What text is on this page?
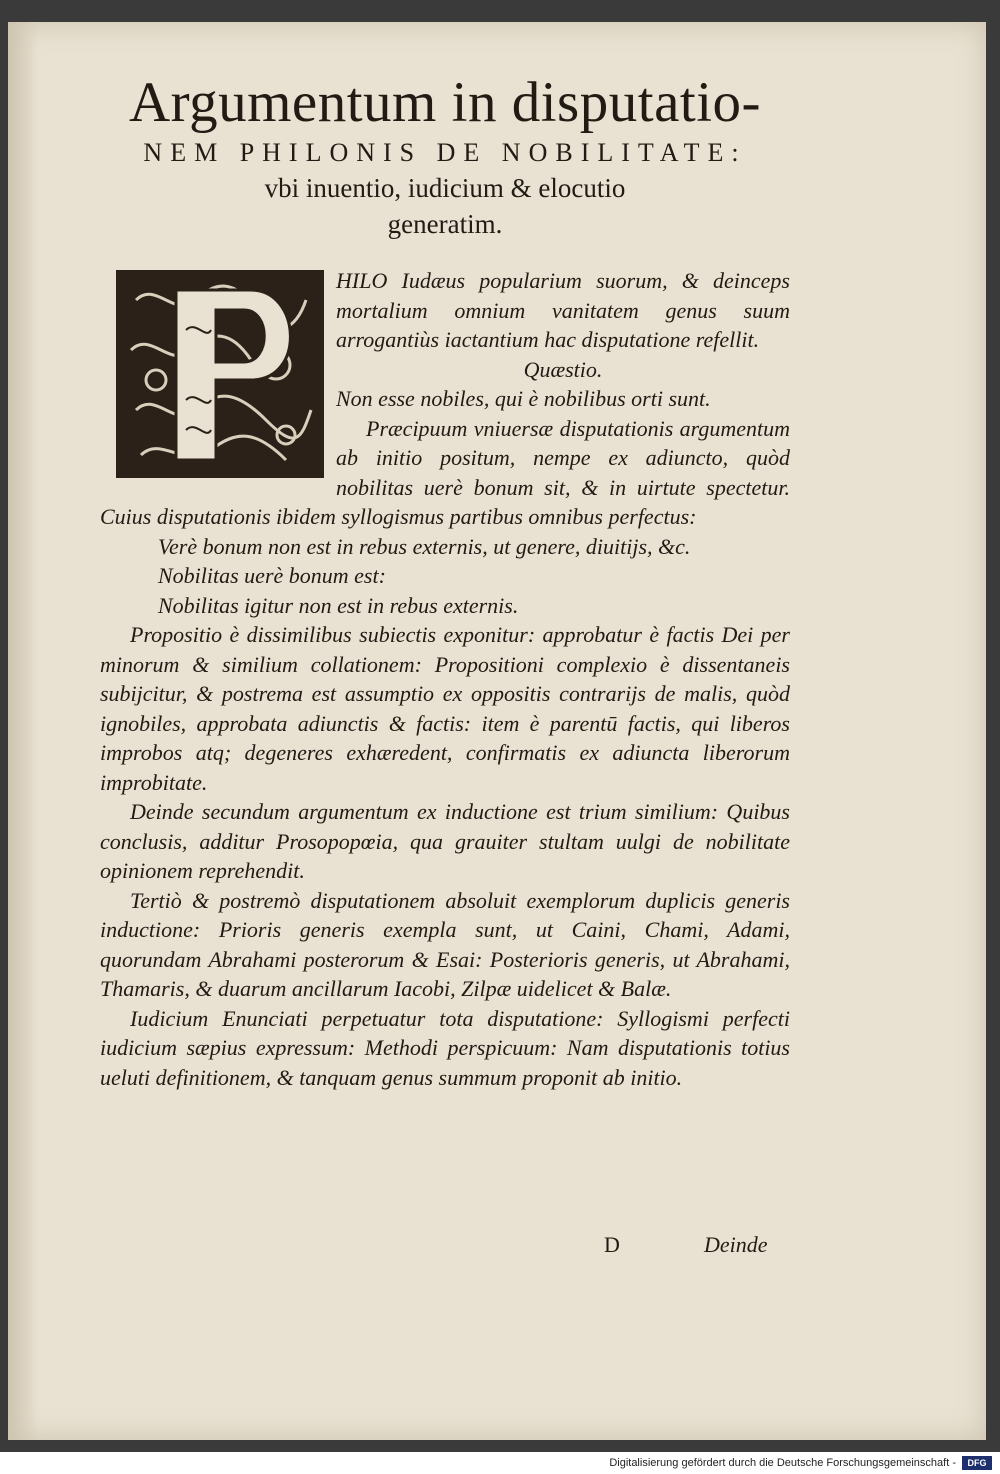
Argumentum in disputatio-
NEM PHILONIS DE NOBILITATE:
vbi inuentio, iudicium & elocutio
generatim.

HILO Iudæus popularium suorum, & deinceps mortalium omnium vanitatem genus suum arrogantiùs iactantium hac disputatione refellit.

Quæstio.

Non esse nobiles, qui è nobilibus orti sunt.

Præcipuum vniuersæ disputationis argumentum ab initio positum, nempe ex adiuncto, quòd nobilitas uerè bonum sit, & in uirtute spectetur. Cuius disputationis ibidem syllogismus partibus omnibus perfectus:

Verè bonum non est in rebus externis, ut genere, diuitijs, &c.
Nobilitas uerè bonum est:
Nobilitas igitur non est in rebus externis.

Propositio è dissimilibus subiectis exponitur: approbatur è factis Dei per minorum & similium collationem: Propositioni complexio è dissentaneis subijcitur, & postrema est assumptio ex oppositis contrarijs de malis, quòd ignobiles, approbata adiunctis & factis: item è parentū factis, qui liberos improbos atq; degeneres exhæredent, confirmatis ex adiuncta liberorum improbitate.

Deinde secundum argumentum ex inductione est trium similium: Quibus conclusis, additur Prosopopœia, qua grauiter stultam uulgi de nobilitate opinionem reprehendit.

Tertiò & postremò disputationem absoluit exemplorum duplicis generis inductione: Prioris generis exempla sunt, ut Caini, Chami, Adami, quorundam Abrahami posterorum & Esai: Posterioris generis, ut Abrahami, Thamaris, & duarum ancillarum Iacobi, Zilpæ uidelicet & Balæ.

Iudicium Enunciati perpetuatur tota disputatione: Syllogismi perfecti iudicium sæpius expressum: Methodi perspicuum: Nam disputationis totius ueluti definitionem, & tanquam genus summum proponit ab initio.

D	Deinde
Digitalisierung gefördert durch die Deutsche Forschungsgemeinschaft -	DFG
